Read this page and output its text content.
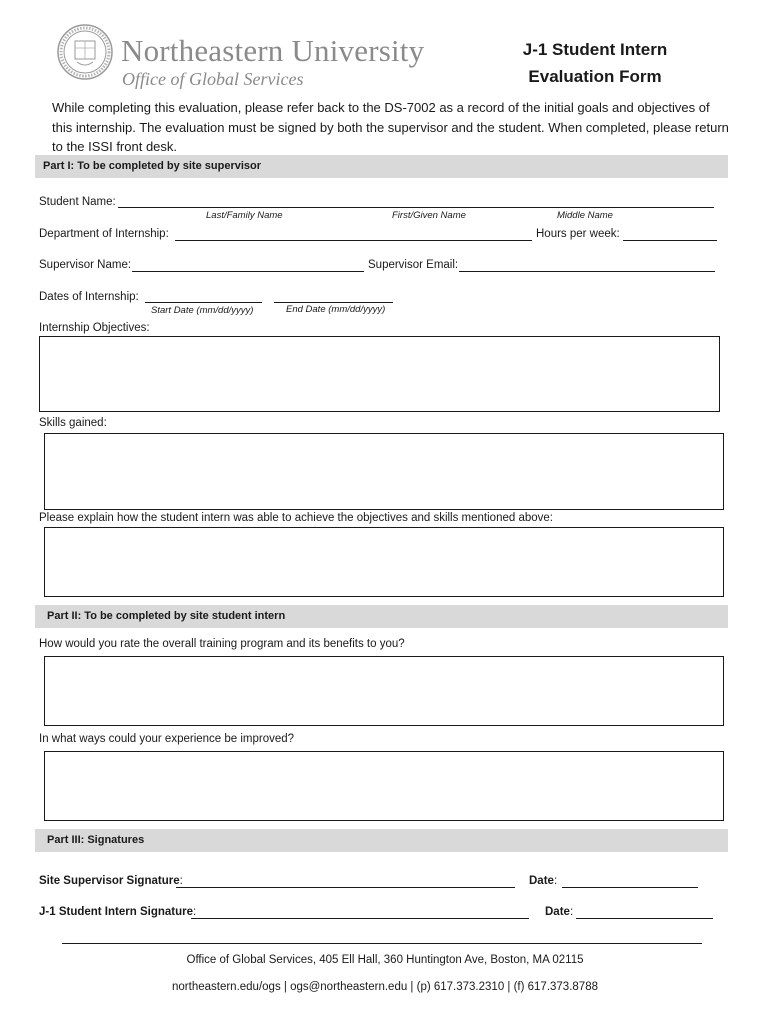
Northeastern University
Office of Global Services
J-1 Student Intern
Evaluation Form
While completing this evaluation, please refer back to the DS-7002 as a record of the initial goals and objectives of this internship. The evaluation must be signed by both the supervisor and the student. When completed, please return to the ISSI front desk.
Part I: To be completed by site supervisor
Student Name:
Last/Family Name	First/Given Name	Middle Name
Department of Internship:	Hours per week:
Supervisor Name:	Supervisor Email:
Dates of Internship:
Start Date (mm/dd/yyyy)	End Date (mm/dd/yyyy)
Internship Objectives:
Skills gained:
Please explain how the student intern was able to achieve the objectives and skills mentioned above:
Part II: To be completed by site student intern
How would you rate the overall training program and its benefits to you?
In what ways could your experience be improved?
Part III: Signatures
Site Supervisor Signature:	Date:
J-1 Student Intern Signature:	Date:
Office of Global Services, 405 Ell Hall, 360 Huntington Ave, Boston, MA 02115
northeastern.edu/ogs | ogs@northeastern.edu | (p) 617.373.2310 | (f) 617.373.8788
